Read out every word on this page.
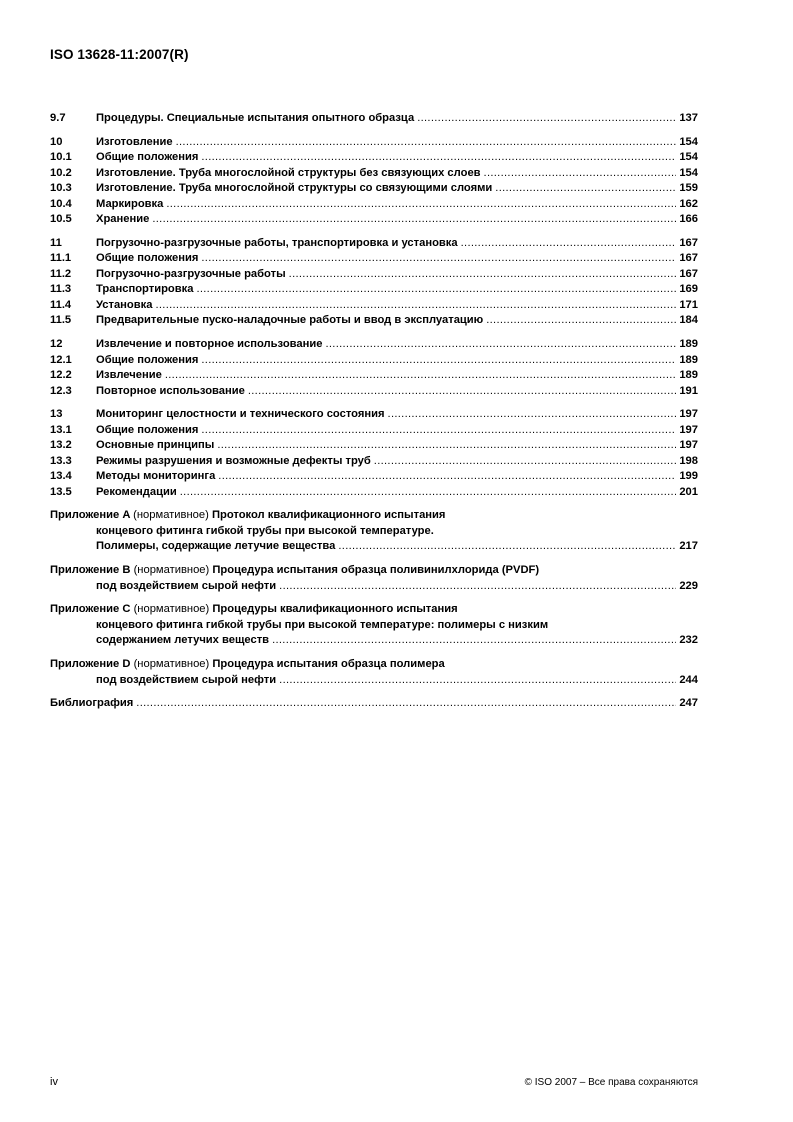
ISO 13628-11:2007(R)
9.7	Процедуры. Специальные испытания опытного образца .....	137
10	Изготовление .....	154
10.1	Общие положения .....	154
10.2	Изготовление. Труба многослойной структуры без связующих слоев .....	154
10.3	Изготовление. Труба многослойной структуры со связующими слоями .....	159
10.4	Маркировка .....	162
10.5	Хранение .....	166
11	Погрузочно-разгрузочные работы, транспортировка и установка .....	167
11.1	Общие положения .....	167
11.2	Погрузочно-разгрузочные работы .....	167
11.3	Транспортировка .....	169
11.4	Установка .....	171
11.5	Предварительные пуско-наладочные работы и ввод в эксплуатацию .....	184
12	Извлечение и повторное использование .....	189
12.1	Общие положения .....	189
12.2	Извлечение .....	189
12.3	Повторное использование .....	191
13	Мониторинг целостности и технического состояния .....	197
13.1	Общие положения .....	197
13.2	Основные принципы .....	197
13.3	Режимы разрушения и возможные дефекты труб .....	198
13.4	Методы мониторинга .....	199
13.5	Рекомендации .....	201
Приложение A (нормативное) Протокол квалификационного испытания
концевого фитинга гибкой трубы при высокой температуре.
Полимеры, содержащие летучие вещества .....	217
Приложение B (нормативное) Процедура испытания образца поливинилхлорида (PVDF)
под воздействием сырой нефти .....	229
Приложение C (нормативное) Процедуры квалификационного испытания
концевого фитинга гибкой трубы при высокой температуре: полимеры с низким
содержанием летучих веществ .....	232
Приложение D (нормативное) Процедура испытания образца полимера
под воздействием сырой нефти .....	244
Библиография .....	247
iv	© ISO 2007 – Все права сохраняются
